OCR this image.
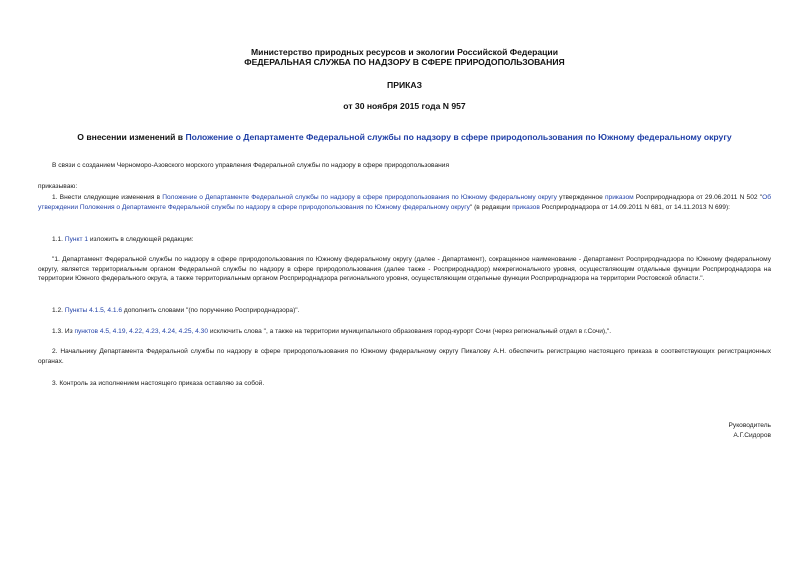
Министерство природных ресурсов и экологии Российской Федерации
ФЕДЕРАЛЬНАЯ СЛУЖБА ПО НАДЗОРУ В СФЕРЕ ПРИРОДОПОЛЬЗОВАНИЯ
ПРИКАЗ
от 30 ноября 2015 года N 957
О внесении изменений в Положение о Департаменте Федеральной службы по надзору в сфере природопользования по Южному федеральному округу
В связи с созданием Черноморо-Азовского морского управления Федеральной службы по надзору в сфере природопользования
приказываю:
1. Внести следующие изменения в Положение о Департаменте Федеральной службы по надзору в сфере природопользования по Южному федеральному округу утвержденное приказом Росприроднадзора от 29.06.2011 N 502 "Об утверждении Положения о Департаменте Федеральной службы по надзору в сфере природопользования по Южному федеральному округу" (в редакции приказов Росприроднадзора от 14.09.2011 N 681, от 14.11.2013 N 699):
1.1. Пункт 1 изложить в следующей редакции:
"1. Департамент Федеральной службы по надзору в сфере природопользования по Южному федеральному округу (далее - Департамент), сокращенное наименование - Департамент Росприроднадзора по Южному федеральному округу, является территориальным органом Федеральной службы по надзору в сфере природопользования (далее также - Росприроднадзор) межрегионального уровня, осуществляющим отдельные функции Росприроднадзора на территории Южного федерального округа, а также территориальным органом Росприроднадзора регионального уровня, осуществляющим отдельные функции Росприроднадзора на территории Ростовской области.".
1.2. Пункты 4.1.5, 4.1.6 дополнить словами "(по поручению Росприроднадзора)".
1.3. Из пунктов 4.5, 4.19, 4.22, 4.23, 4.24, 4.25, 4.30 исключить слова ", а также на территории муниципального образования город-курорт Сочи (через региональный отдел в г.Сочи),".
2. Начальнику Департамента Федеральной службы по надзору в сфере природопользования по Южному федеральному округу Пикалову А.Н. обеспечить регистрацию настоящего приказа в соответствующих регистрационных органах.
3. Контроль за исполнением настоящего приказа оставляю за собой.
Руководитель
А.Г.Сидоров
